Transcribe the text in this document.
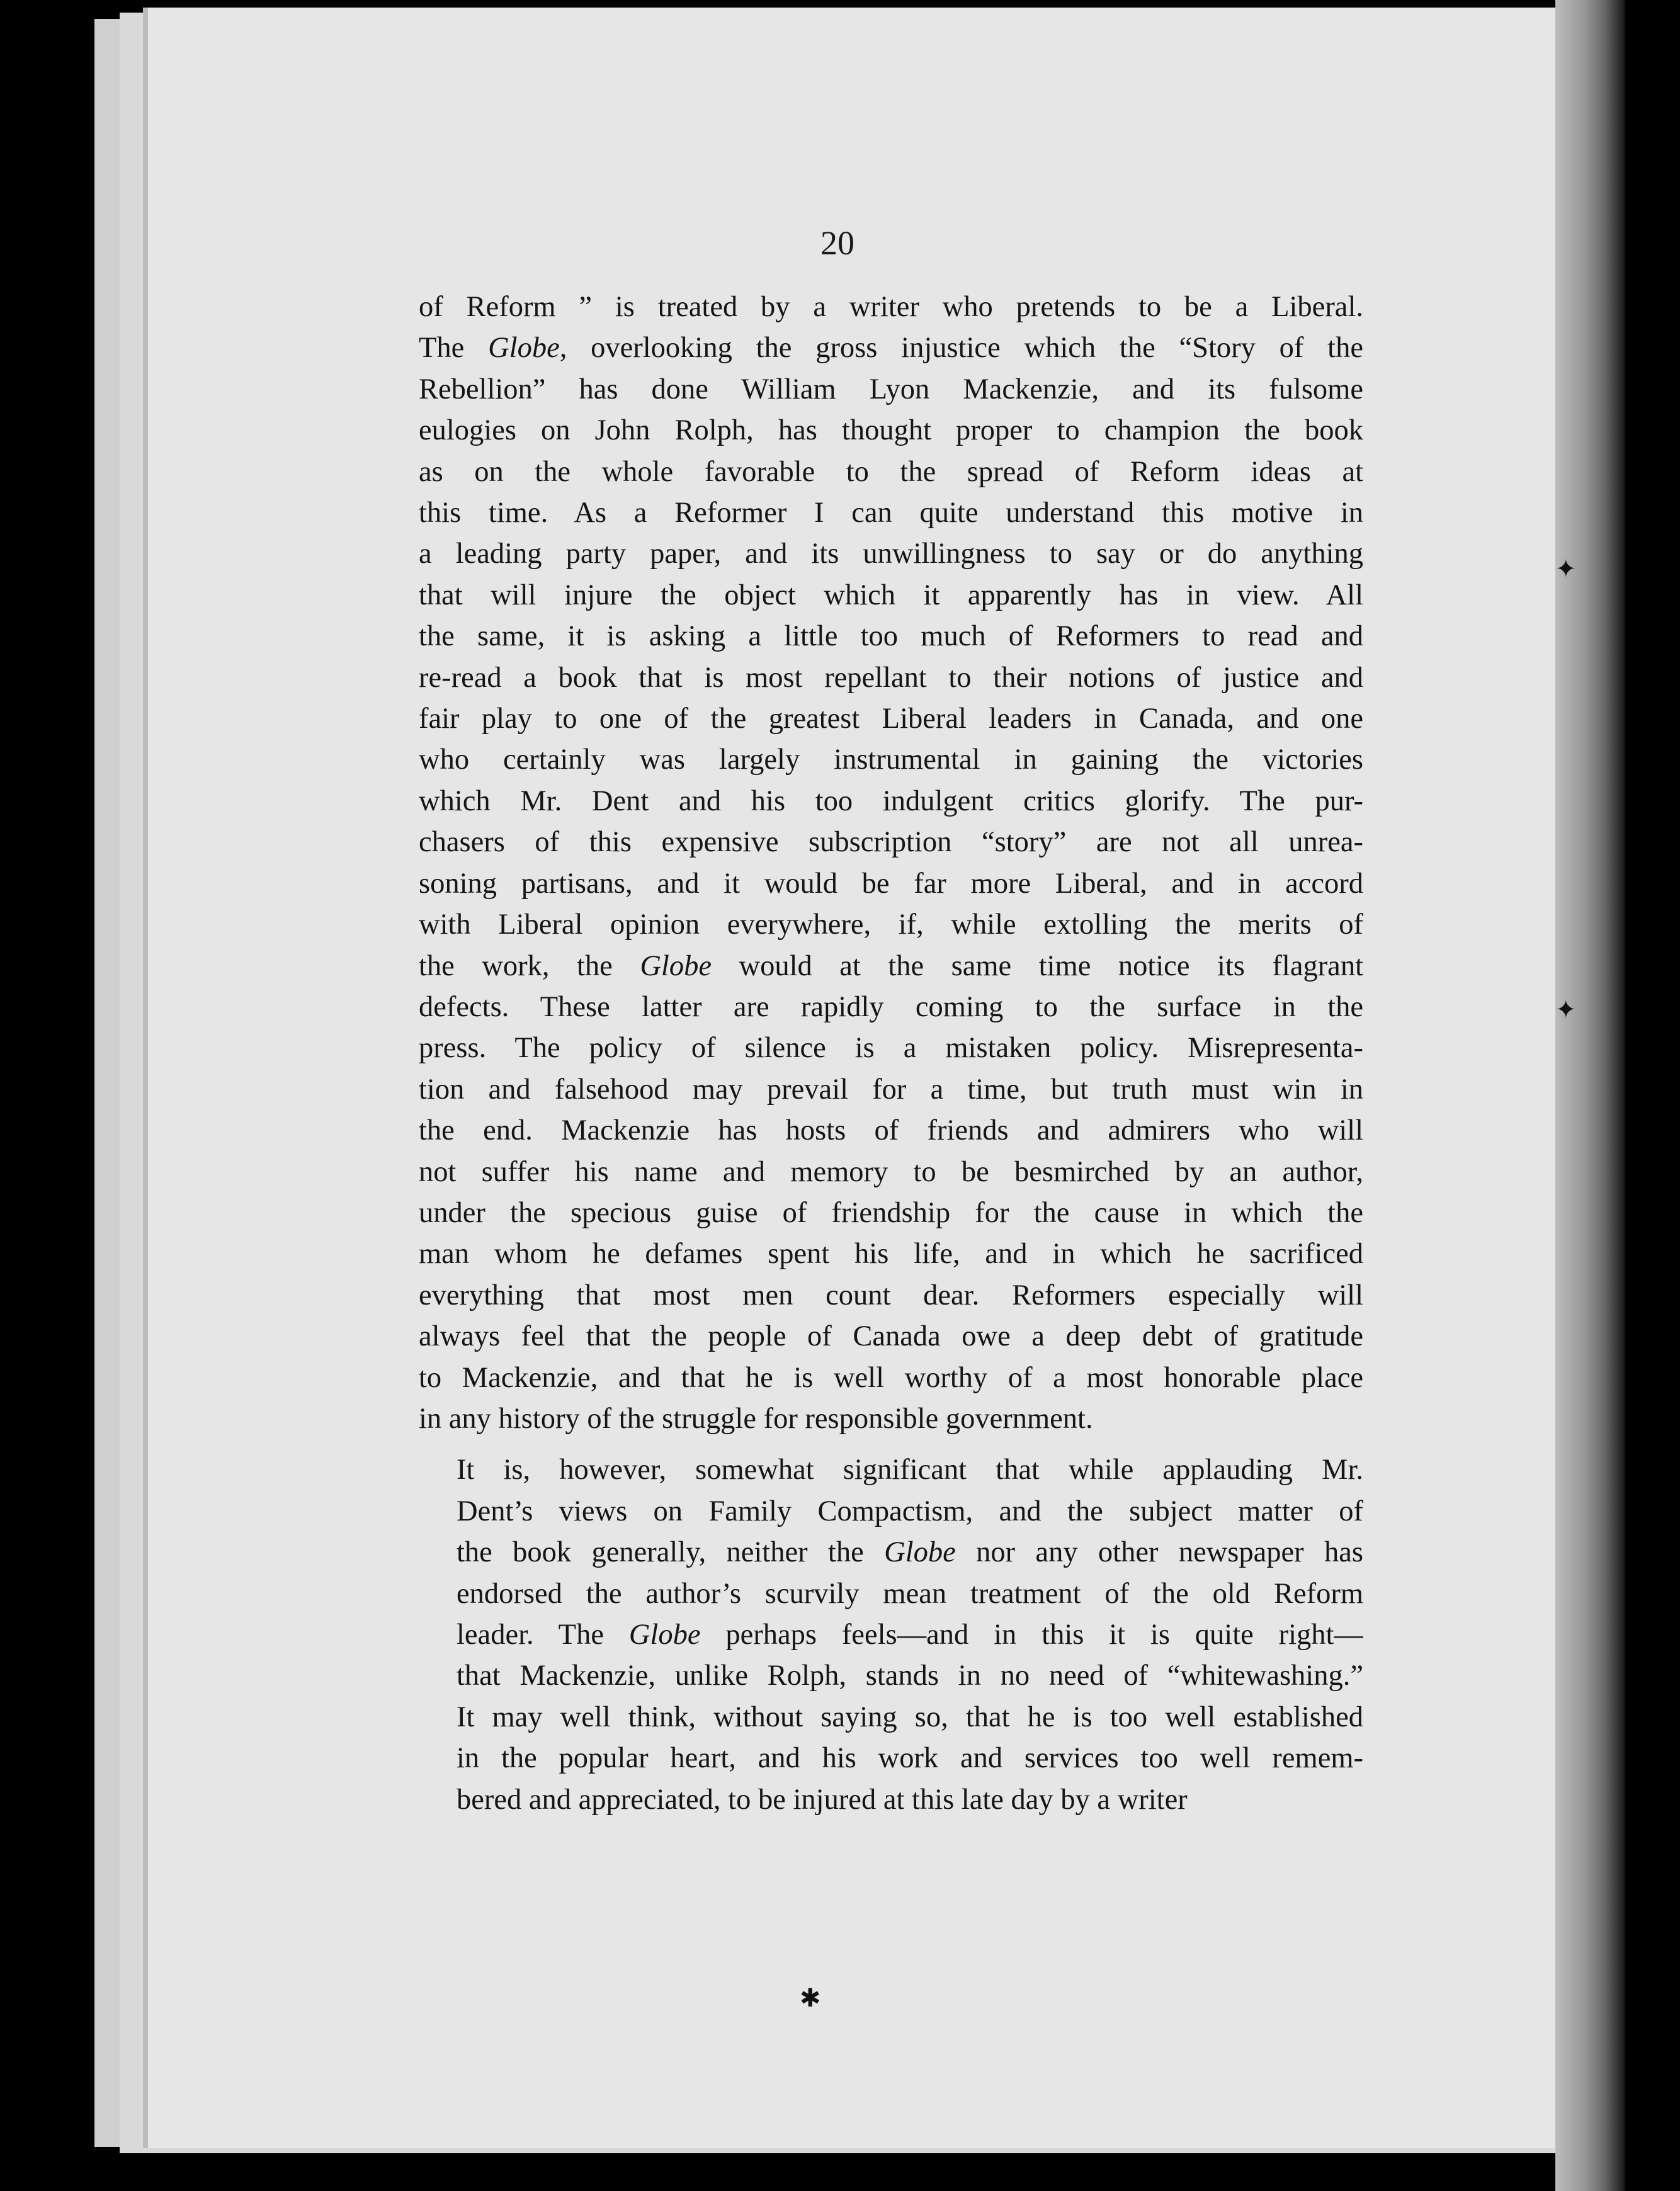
✱
✦
✦
20
of Reform ” is treated by a writer who pretends to be a Liberal.
The Globe, overlooking the gross injustice which the “Story of the
Rebellion” has done William Lyon Mackenzie, and its fulsome
eulogies on John Rolph, has thought proper to champion the book
as on the whole favorable to the spread of Reform ideas at
this time. As a Reformer I can quite understand this motive in
a leading party paper, and its unwillingness to say or do anything
that will injure the object which it apparently has in view. All
the same, it is asking a little too much of Reformers to read and
re-read a book that is most repellant to their notions of justice and
fair play to one of the greatest Liberal leaders in Canada, and one
who certainly was largely instrumental in gaining the victories
which Mr. Dent and his too indulgent critics glorify. The pur-
chasers of this expensive subscription “story” are not all unrea-
soning partisans, and it would be far more Liberal, and in accord
with Liberal opinion everywhere, if, while extolling the merits of
the work, the Globe would at the same time notice its flagrant
defects. These latter are rapidly coming to the surface in the
press. The policy of silence is a mistaken policy. Misrepresenta-
tion and falsehood may prevail for a time, but truth must win in
the end. Mackenzie has hosts of friends and admirers who will
not suffer his name and memory to be besmirched by an author,
under the specious guise of friendship for the cause in which the
man whom he defames spent his life, and in which he sacrificed
everything that most men count dear. Reformers especially will
always feel that the people of Canada owe a deep debt of gratitude
to Mackenzie, and that he is well worthy of a most honorable place
in any history of the struggle for responsible government.
It is, however, somewhat significant that while applauding Mr.
Dent’s views on Family Compactism, and the subject matter of
the book generally, neither the Globe nor any other newspaper has
endorsed the author’s scurvily mean treatment of the old Reform
leader. The Globe perhaps feels—and in this it is quite right—
that Mackenzie, unlike Rolph, stands in no need of “whitewashing.”
It may well think, without saying so, that he is too well established
in the popular heart, and his work and services too well remem-
bered and appreciated, to be injured at this late day by a writer
